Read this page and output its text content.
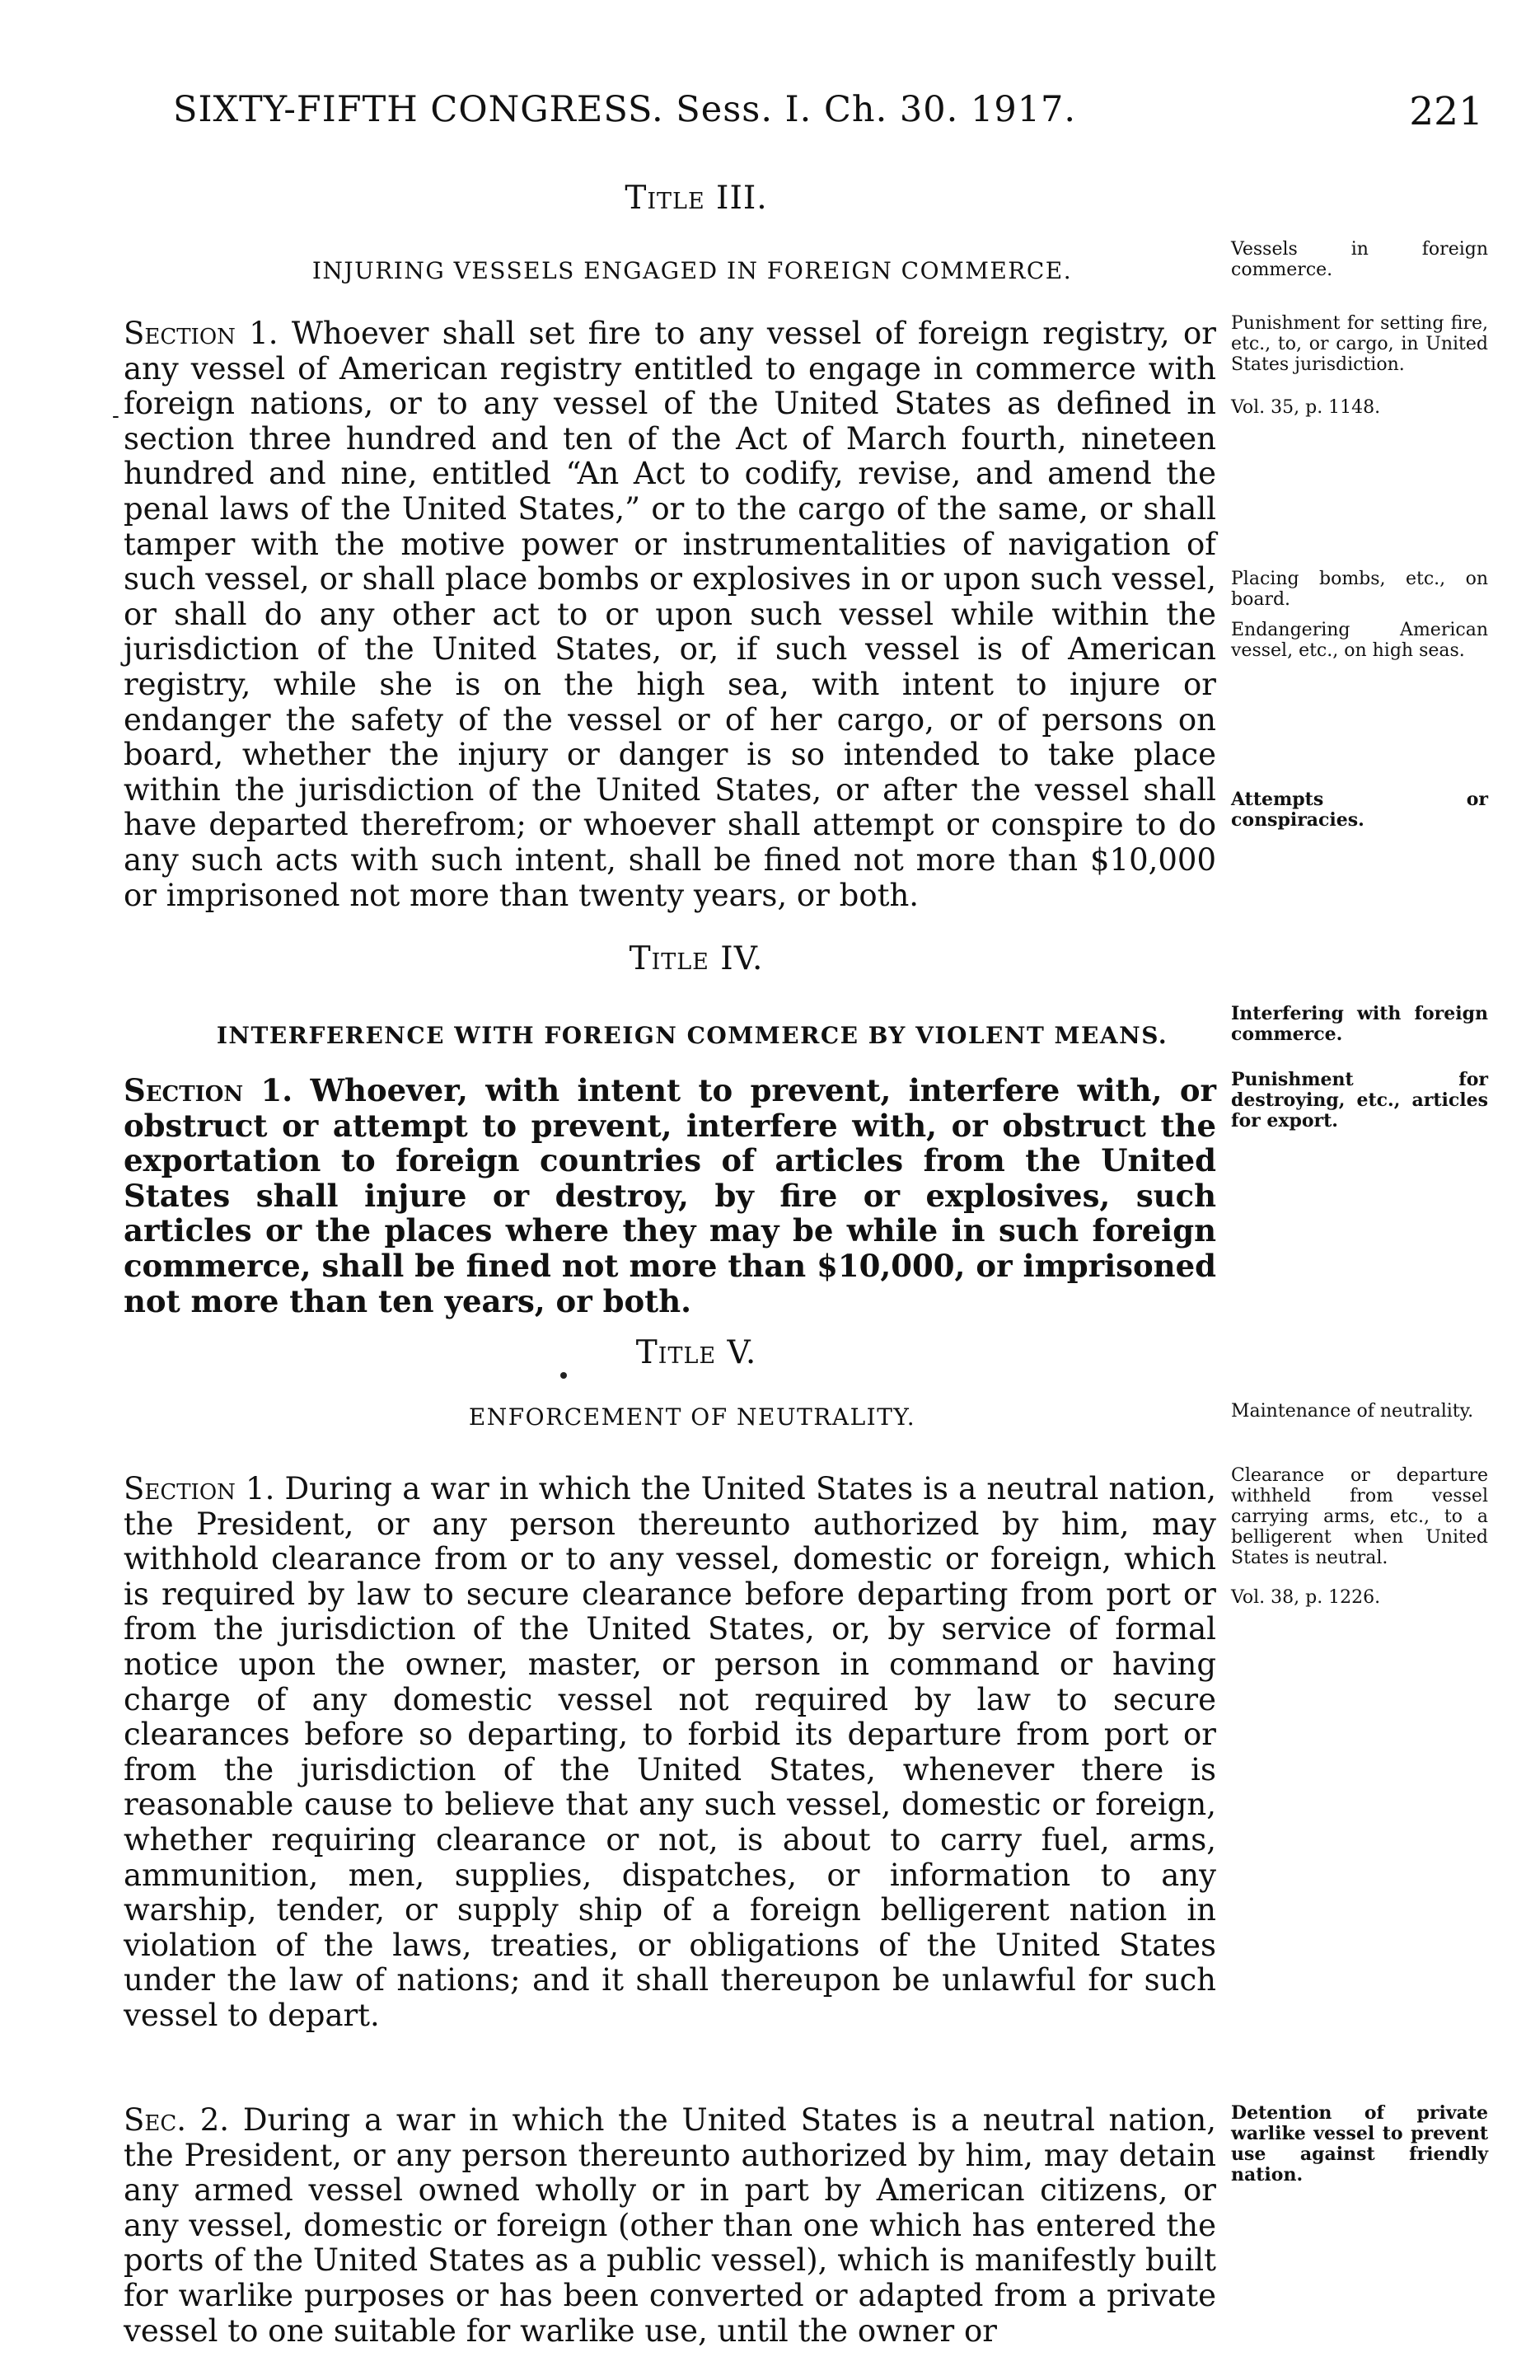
SIXTY-FIFTH CONGRESS. Sess. I. Ch. 30. 1917.	221
Title III.
INJURING VESSELS ENGAGED IN FOREIGN COMMERCE.
-

Section 1. Whoever shall set fire to any vessel of foreign registry, or any vessel of American registry entitled to engage in commerce with foreign nations, or to any vessel of the United States as defined in section three hundred and ten of the Act of March fourth, nineteen hundred and nine, entitled “An Act to codify, revise, and amend the penal laws of the United States,” or to the cargo of the same, or shall tamper with the motive power or instrumentalities of navigation of such vessel, or shall place bombs or explosives in or upon such vessel, or shall do any other act to or upon such vessel while within the jurisdiction of the United States, or, if such vessel is of American registry, while she is on the high sea, with intent to injure or endanger the safety of the vessel or of her cargo, or of persons on board, whether the injury or danger is so intended to take place within the jurisdiction of the United States, or after the vessel shall have departed therefrom; or whoever shall attempt or conspire to do any such acts with such intent, shall be fined not more than $10,000 or imprisoned not more than twenty years, or both.

Title IV.
INTERFERENCE WITH FOREIGN COMMERCE BY VIOLENT MEANS.

Section 1. Whoever, with intent to prevent, interfere with, or obstruct or attempt to prevent, interfere with, or obstruct the exportation to foreign countries of articles from the United States shall injure or destroy, by fire or explosives, such articles or the places where they may be while in such foreign commerce, shall be fined not more than $10,000, or imprisoned not more than ten years, or both.

Title V.
ENFORCEMENT OF NEUTRALITY.

Section 1. During a war in which the United States is a neutral nation, the President, or any person thereunto authorized by him, may withhold clearance from or to any vessel, domestic or foreign, which is required by law to secure clearance before departing from port or from the jurisdiction of the United States, or, by service of formal notice upon the owner, master, or person in command or having charge of any domestic vessel not required by law to secure clearances before so departing, to forbid its departure from port or from the jurisdiction of the United States, whenever there is reasonable cause to believe that any such vessel, domestic or foreign, whether requiring clearance or not, is about to carry fuel, arms, ammunition, men, supplies, dispatches, or information to any warship, tender, or supply ship of a foreign belligerent nation in violation of the laws, treaties, or obligations of the United States under the law of nations; and it shall thereupon be unlawful for such vessel to depart.

Sec. 2. During a war in which the United States is a neutral nation, the President, or any person thereunto authorized by him, may detain any armed vessel owned wholly or in part by American citizens, or any vessel, domestic or foreign (other than one which has entered the ports of the United States as a public vessel), which is manifestly built for warlike purposes or has been converted or adapted from a private vessel to one suitable for warlike use, until the owner or

Vessels in foreign commerce.
Punishment for setting fire, etc., to, or cargo, in United States jurisdiction.
Vol. 35, p. 1148.
Placing bombs, etc., on board.
Endangering American vessel, etc., on high seas.
Attempts or conspiracies.
Interfering with foreign commerce.
Punishment for destroying, etc., articles for export.
Maintenance of neutrality.
Clearance or departure withheld from vessel carrying arms, etc., to a belligerent when United States is neutral.
Vol. 38, p. 1226.
Detention of private warlike vessel to prevent use against friendly nation.
